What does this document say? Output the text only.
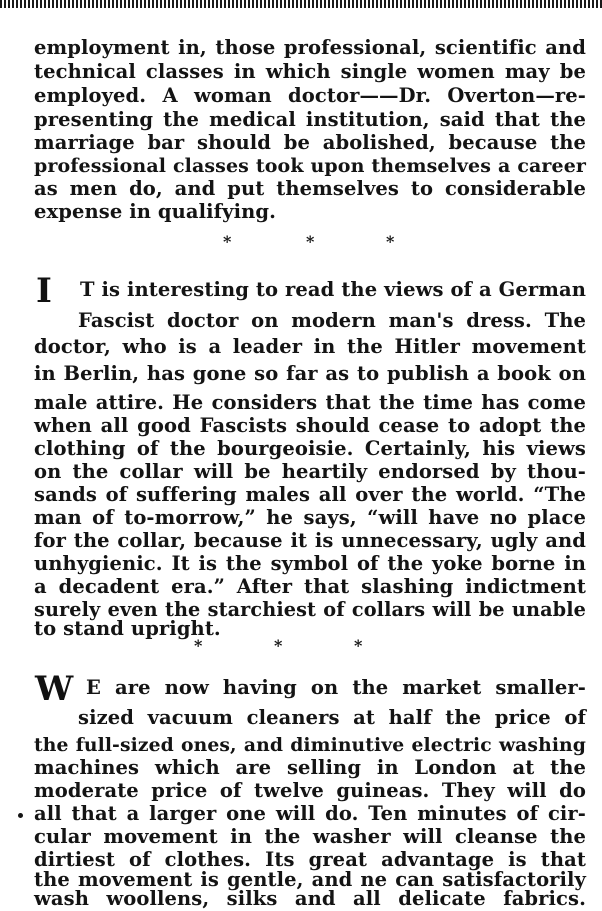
employment in, those professional, scientific and
technical classes in which single women may be
employed. A woman doctor——Dr. Overton—re-
presenting the medical institution, said that the
marriage bar should be abolished, because the
professional classes took upon themselves a career
as men do, and put themselves to considerable
expense in qualifying.
*	*	*
I T is interesting to read the views of a German
Fascist doctor on modern man's dress. The
doctor, who is a leader in the Hitler movement
in Berlin, has gone so far as to publish a book on
male attire. He considers that the time has come
when all good Fascists should cease to adopt the
clothing of the bourgeoisie. Certainly, his views
on the collar will be heartily endorsed by thou-
sands of suffering males all over the world. “The
man of to-morrow,” he says, “will have no place
for the collar, because it is unnecessary, ugly and
unhygienic. It is the symbol of the yoke borne in
a decadent era.” After that slashing indictment
surely even the starchiest of collars will be unable
to stand upright.
*	*	*
W E are now having on the market smaller-
sized vacuum cleaners at half the price of
the full-sized ones, and diminutive electric washing
machines which are selling in London at the
moderate price of twelve guineas. They will do
all that a larger one will do. Ten minutes of cir-
cular movement in the washer will cleanse the
dirtiest of clothes. Its great advantage is that
the movement is gentle, and ne can satisfactorily
wash woollens, silks and all delicate fabrics.
